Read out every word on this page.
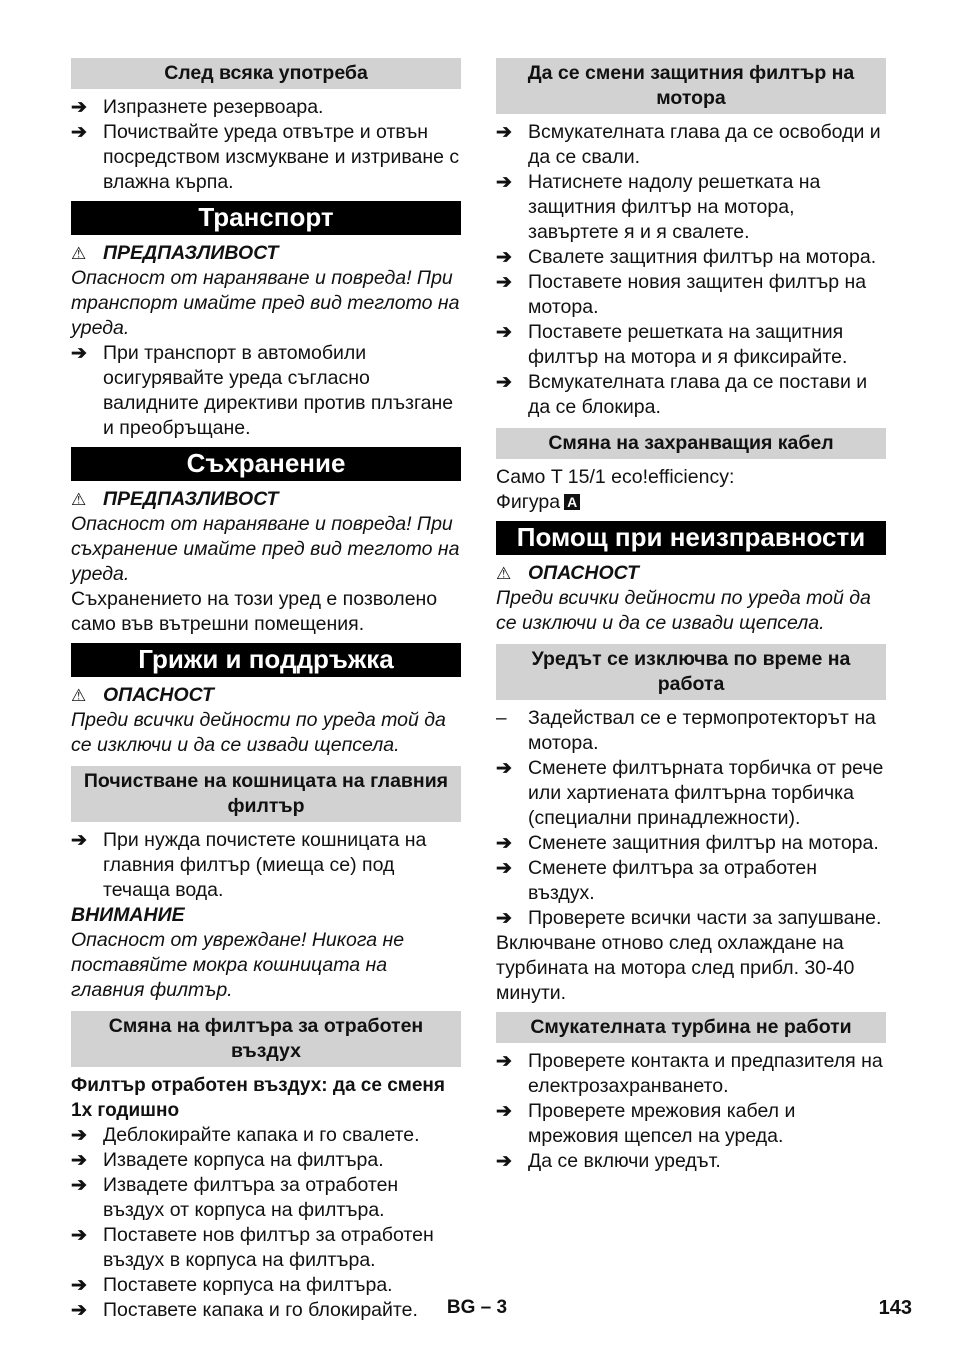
След всяка употреба
➔ Изпразнете резервоара.
➔ Почиствайте уреда отвътре и отвън посредством изсмукване и изтриване с влажна кърпа.
Транспорт
⚠ ПРЕДПАЗЛИВОСТ
Опасност от нараняване и повреда! При транспорт имайте пред вид теглото на уреда.
➔ При транспорт в автомобили осигурявайте уреда съгласно валидните директиви против плъзгане и преобръщане.
Съхранение
⚠ ПРЕДПАЗЛИВОСТ
Опасност от нараняване и повреда! При съхранение имайте пред вид теглото на уреда.
Съхранението на този уред е позволено само във вътрешни помещения.
Грижи и поддръжка
⚠ ОПАСНОСТ
Преди всички дейности по уреда той да се изключи и да се извади щепсела.
Почистване на кошницата на главния филтър
➔ При нужда почистете кошницата на главния филтър (миеща се) под течаща вода.
ВНИМАНИЕ
Опасност от увреждане! Никога не поставяйте мокра кошницата на главния филтър.
Смяна на филтъра за отработен въздух
Филтър отработен въздух: да се сменя 1х годишно
➔ Деблокирайте капака и го свалете.
➔ Извадете корпуса на филтъра.
➔ Извадете филтъра за отработен въздух от корпуса на филтъра.
➔ Поставете нов филтър за отработен въздух в корпуса на филтъра.
➔ Поставете корпуса на филтъра.
➔ Поставете капака и го блокирайте.
Да се смени защитния филтър на мотора
➔ Всмукателната глава да се освободи и да се свали.
➔ Натиснете надолу решетката на защитния филтър на мотора, завъртете я и я свалете.
➔ Свалете защитния филтър на мотора.
➔ Поставете новия защитен филтър на мотора.
➔ Поставете решетката на защитния филтър на мотора и я фиксирайте.
➔ Всмукателната глава да се постави и да се блокира.
Смяна на захранващия кабел
Само T 15/1 eco!efficiency:
Фигура A
Помощ при неизправности
⚠ ОПАСНОСТ
Преди всички дейности по уреда той да се изключи и да се извади щепсела.
Уредът се изключва по време на работа
–	Задействал се е термопротекторът на мотора.
➔ Сменете филтърната торбичка от рече или хартиената филтърна торбичка (специални принадлежности).
➔ Сменете защитния филтър на мотора.
➔ Сменете филтъра за отработен въздух.
➔ Проверете всички части за запушване.
Включване отново след охлаждане на турбината на мотора след прибл. 30-40 минути.
Смукателната турбина не работи
➔ Проверете контакта и предпазителя на електрозахранването.
➔ Проверете мрежовия кабел и мрежовия щепсел на уреда.
➔ Да се включи уредът.
BG – 3	143
